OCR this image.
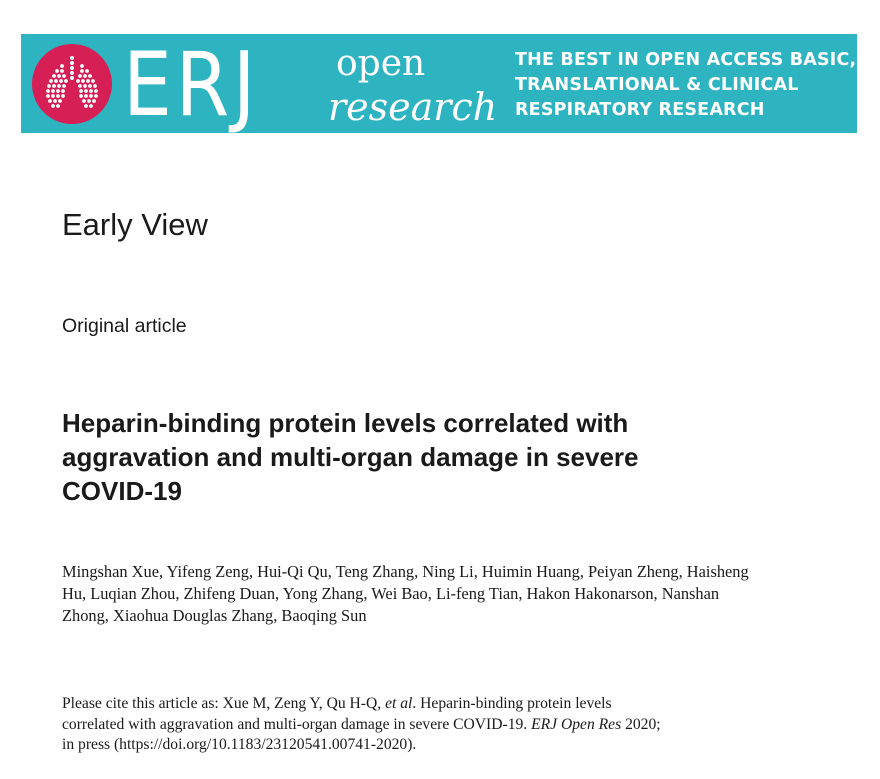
ERJ open
research
THE BEST IN OPEN ACCESS BASIC,
TRANSLATIONAL & CLINICAL
RESPIRATORY RESEARCH
Early View
Original article
Heparin-binding protein levels correlated with
aggravation and multi-organ damage in severe
COVID-19
Mingshan Xue, Yifeng Zeng, Hui-Qi Qu, Teng Zhang, Ning Li, Huimin Huang, Peiyan Zheng, Haisheng
Hu, Luqian Zhou, Zhifeng Duan, Yong Zhang, Wei Bao, Li-feng Tian, Hakon Hakonarson, Nanshan
Zhong, Xiaohua Douglas Zhang, Baoqing Sun
Please cite this article as: Xue M, Zeng Y, Qu H-Q, et al. Heparin-binding protein levels
correlated with aggravation and multi-organ damage in severe COVID-19. ERJ Open Res 2020;
in press (https://doi.org/10.1183/23120541.00741-2020).
